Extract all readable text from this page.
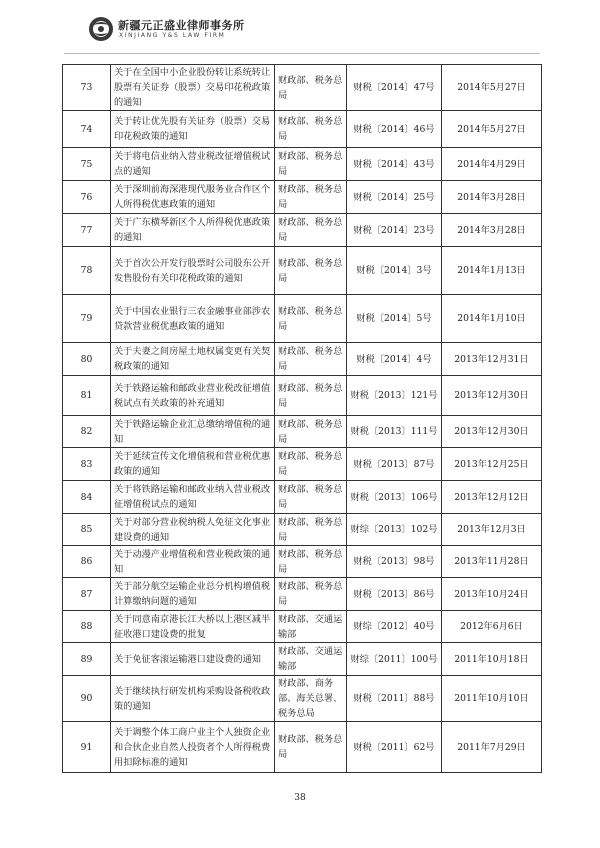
新疆元正盛业律师事务所
XINJIANG Y&S LAW FIRM
73	关于在全国中小企业股份转让系统转让股票有关证券（股票）交易印花税政策的通知	财政部、税务总局	财税〔2014〕47号	2014年5月27日
74	关于转让优先股有关证券（股票）交易印花税政策的通知	财政部、税务总局	财税〔2014〕46号	2014年5月27日
75	关于将电信业纳入营业税改征增值税试点的通知	财政部、税务总局	财税〔2014〕43号	2014年4月29日
76	关于深圳前海深港现代服务业合作区个人所得税优惠政策的通知	财政部、税务总局	财税〔2014〕25号	2014年3月28日
77	关于广东横琴新区个人所得税优惠政策的通知	财政部、税务总局	财税〔2014〕23号	2014年3月28日
78	关于首次公开发行股票时公司股东公开发售股份有关印花税政策的通知	财政部、税务总局	财税〔2014〕3号	2014年1月13日
79	关于中国农业银行三农金融事业部涉农贷款营业税优惠政策的通知	财政部、税务总局	财税〔2014〕5号	2014年1月10日
80	关于夫妻之间房屋土地权属变更有关契税政策的通知	财政部、税务总局	财税〔2014〕4号	2013年12月31日
81	关于铁路运输和邮政业营业税改征增值税试点有关政策的补充通知	财政部、税务总局	财税〔2013〕121号	2013年12月30日
82	关于铁路运输企业汇总缴纳增值税的通知	财政部、税务总局	财税〔2013〕111号	2013年12月30日
83	关于延续宣传文化增值税和营业税优惠政策的通知	财政部、税务总局	财税〔2013〕87号	2013年12月25日
84	关于将铁路运输和邮政业纳入营业税改征增值税试点的通知	财政部、税务总局	财税〔2013〕106号	2013年12月12日
85	关于对部分营业税纳税人免征文化事业建设费的通知	财政部、税务总局	财综〔2013〕102号	2013年12月3日
86	关于动漫产业增值税和营业税政策的通知	财政部、税务总局	财税〔2013〕98号	2013年11月28日
87	关于部分航空运输企业总分机构增值税计算缴纳问题的通知	财政部、税务总局	财税〔2013〕86号	2013年10月24日
88	关于同意南京港长江大桥以上港区减半征收港口建设费的批复	财政部、交通运输部	财综〔2012〕40号	2012年6月6日
89	关于免征客滚运输港口建设费的通知	财政部、交通运输部	财综〔2011〕100号	2011年10月18日
90	关于继续执行研发机构采购设备税收政策的通知	财政部、商务部、海关总署、税务总局	财税〔2011〕88号	2011年10月10日
91	关于调整个体工商户业主个人独资企业和合伙企业自然人投资者个人所得税费用扣除标准的通知	财政部、税务总局	财税〔2011〕62号	2011年7月29日
38
